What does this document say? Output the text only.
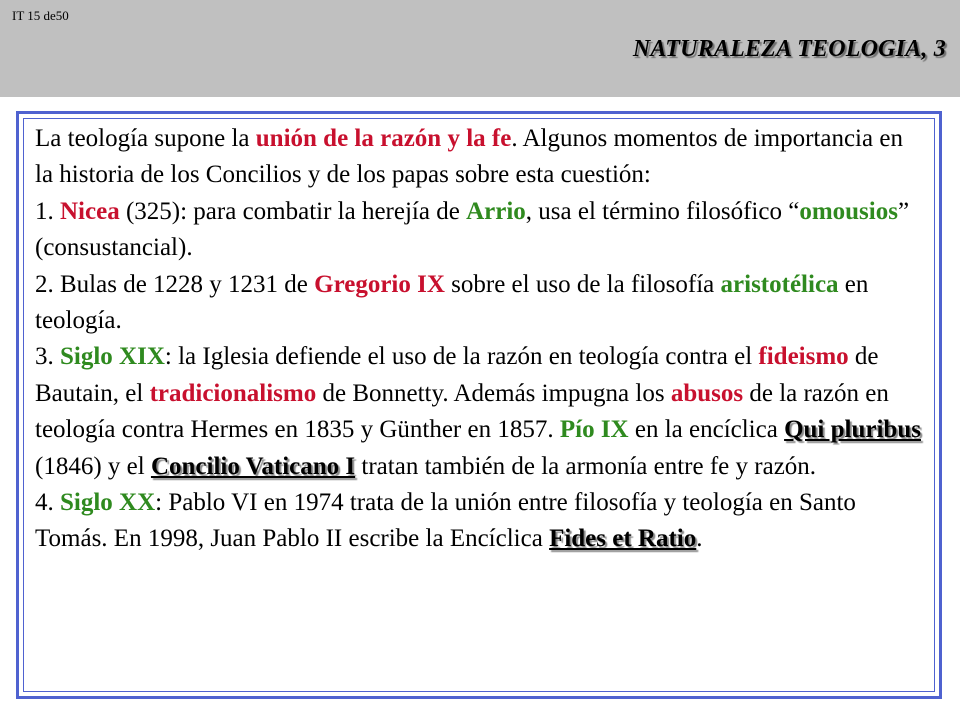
IT 15 de50
NATURALEZA TEOLOGIA, 3

La teología supone la unión de la razón y la fe. Algunos momentos de importancia en la historia de los Concilios y de los papas sobre esta cuestión:

1. Nicea (325): para combatir la herejía de Arrio, usa el término filosófico “omousios” (consustancial).

2. Bulas de 1228 y 1231 de Gregorio IX sobre el uso de la filosofía aristotélica en teología.

3. Siglo XIX: la Iglesia defiende el uso de la razón en teología contra el fideismo de Bautain, el tradicionalismo de Bonnetty. Además impugna los abusos de la razón en teología contra Hermes en 1835 y Günther en 1857. Pío IX en la encíclica Qui pluribus (1846) y el Concilio Vaticano I tratan también de la armonía entre fe y razón.

4. Siglo XX: Pablo VI en 1974 trata de la unión entre filosofía y teología en Santo Tomás. En 1998, Juan Pablo II escribe la Encíclica Fides et Ratio.
